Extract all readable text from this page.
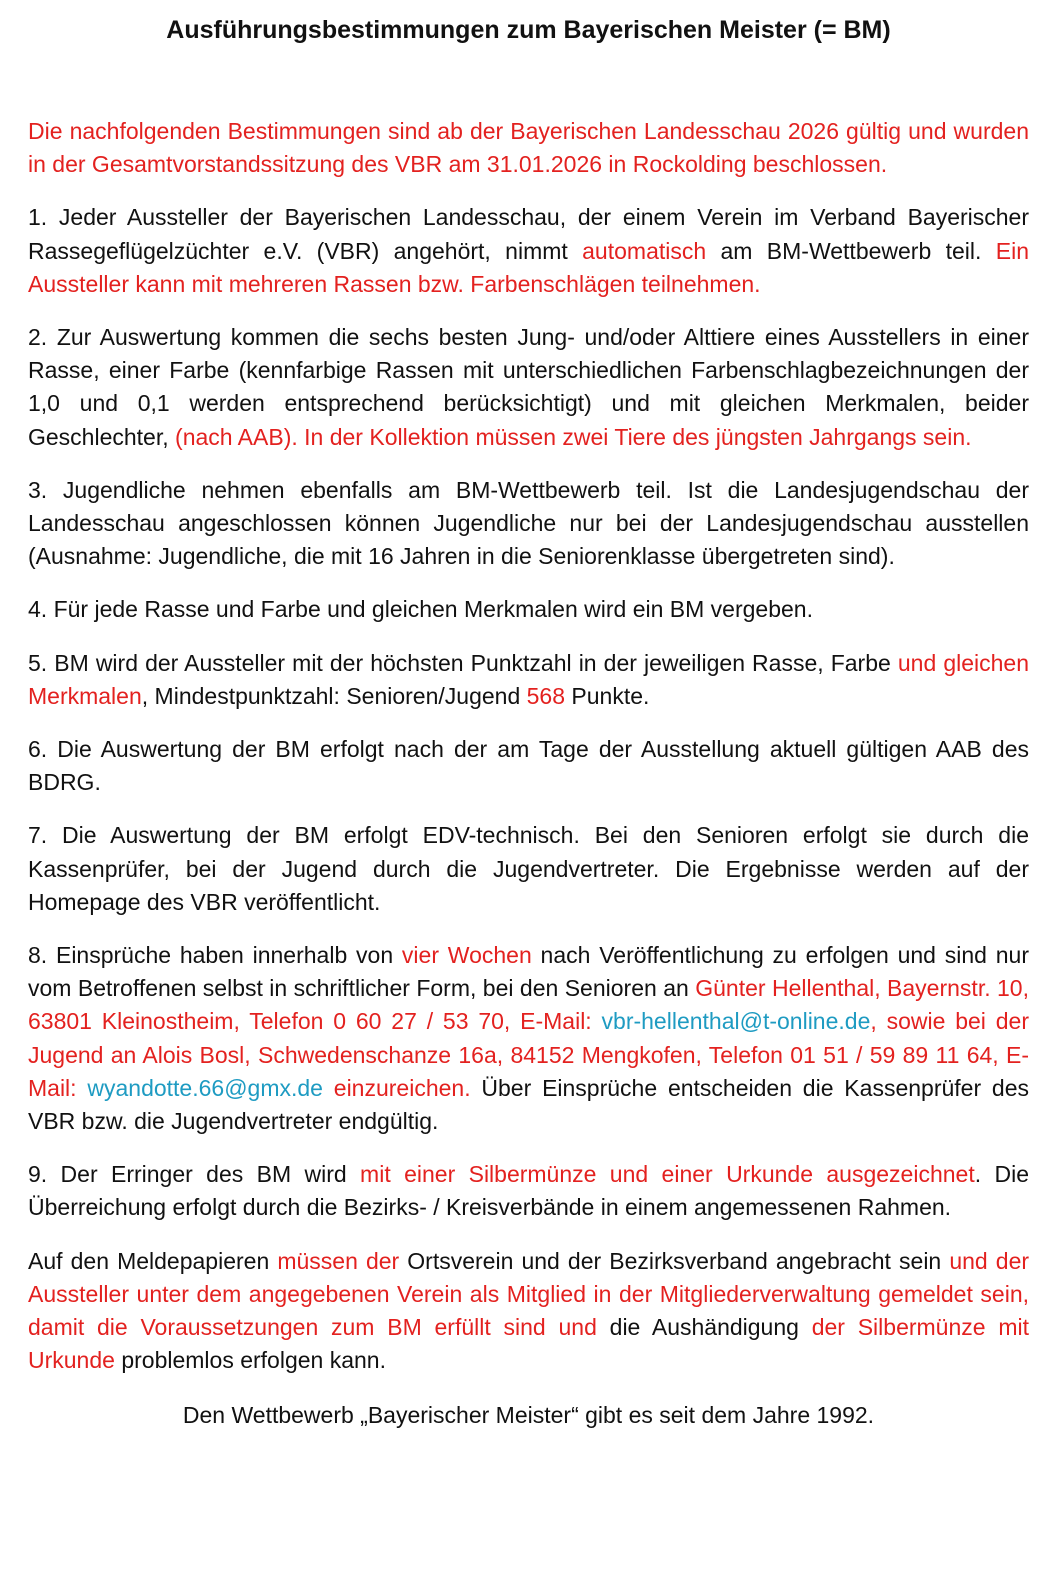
Ausführungsbestimmungen zum Bayerischen Meister (= BM)

Die nachfolgenden Bestimmungen sind ab der Bayerischen Landesschau 2026 gültig und wurden in der Gesamtvorstandssitzung des VBR am 31.01.2026 in Rockolding beschlossen.

1. Jeder Aussteller der Bayerischen Landesschau, der einem Verein im Verband Bayerischer Rassegeflügelzüchter e.V. (VBR) angehört, nimmt automatisch am BM-Wettbewerb teil. Ein Aussteller kann mit mehreren Rassen bzw. Farbenschlägen teilnehmen.

2. Zur Auswertung kommen die sechs besten Jung- und/oder Alttiere eines Ausstellers in einer Rasse, einer Farbe (kennfarbige Rassen mit unterschiedlichen Farbenschlagbezeichnungen der 1,0 und 0,1 werden entsprechend berücksichtigt) und mit gleichen Merkmalen, beider Geschlechter, (nach AAB). In der Kollektion müssen zwei Tiere des jüngsten Jahrgangs sein.

3. Jugendliche nehmen ebenfalls am BM-Wettbewerb teil. Ist die Landesjugendschau der Landesschau angeschlossen können Jugendliche nur bei der Landesjugendschau ausstellen (Ausnahme: Jugendliche, die mit 16 Jahren in die Seniorenklasse übergetreten sind).

4. Für jede Rasse und Farbe und gleichen Merkmalen wird ein BM vergeben.

5. BM wird der Aussteller mit der höchsten Punktzahl in der jeweiligen Rasse, Farbe und gleichen Merkmalen, Mindestpunktzahl: Senioren/Jugend 568 Punkte.

6. Die Auswertung der BM erfolgt nach der am Tage der Ausstellung aktuell gültigen AAB des BDRG.

7. Die Auswertung der BM erfolgt EDV-technisch. Bei den Senioren erfolgt sie durch die Kassenprüfer, bei der Jugend durch die Jugendvertreter. Die Ergebnisse werden auf der Homepage des VBR veröffentlicht.

8. Einsprüche haben innerhalb von vier Wochen nach Veröffentlichung zu erfolgen und sind nur vom Betroffenen selbst in schriftlicher Form, bei den Senioren an Günter Hellenthal, Bayernstr. 10, 63801 Kleinostheim, Telefon 0 60 27 / 53 70, E-Mail: vbr-hellenthal@t-online.de, sowie bei der Jugend an Alois Bosl, Schwedenschanze 16a, 84152 Mengkofen, Telefon 01 51 / 59 89 11 64, E-Mail: wyandotte.66@gmx.de einzureichen. Über Einsprüche entscheiden die Kassenprüfer des VBR bzw. die Jugendvertreter endgültig.

9. Der Erringer des BM wird mit einer Silbermünze und einer Urkunde ausgezeichnet. Die Überreichung erfolgt durch die Bezirks- / Kreisverbände in einem angemessenen Rahmen.

Auf den Meldepapieren müssen der Ortsverein und der Bezirksverband angebracht sein und der Aussteller unter dem angegebenen Verein als Mitglied in der Mitgliederverwaltung gemeldet sein, damit die Voraussetzungen zum BM erfüllt sind und die Aushändigung der Silbermünze mit Urkunde problemlos erfolgen kann.

Den Wettbewerb „Bayerischer Meister“ gibt es seit dem Jahre 1992.
